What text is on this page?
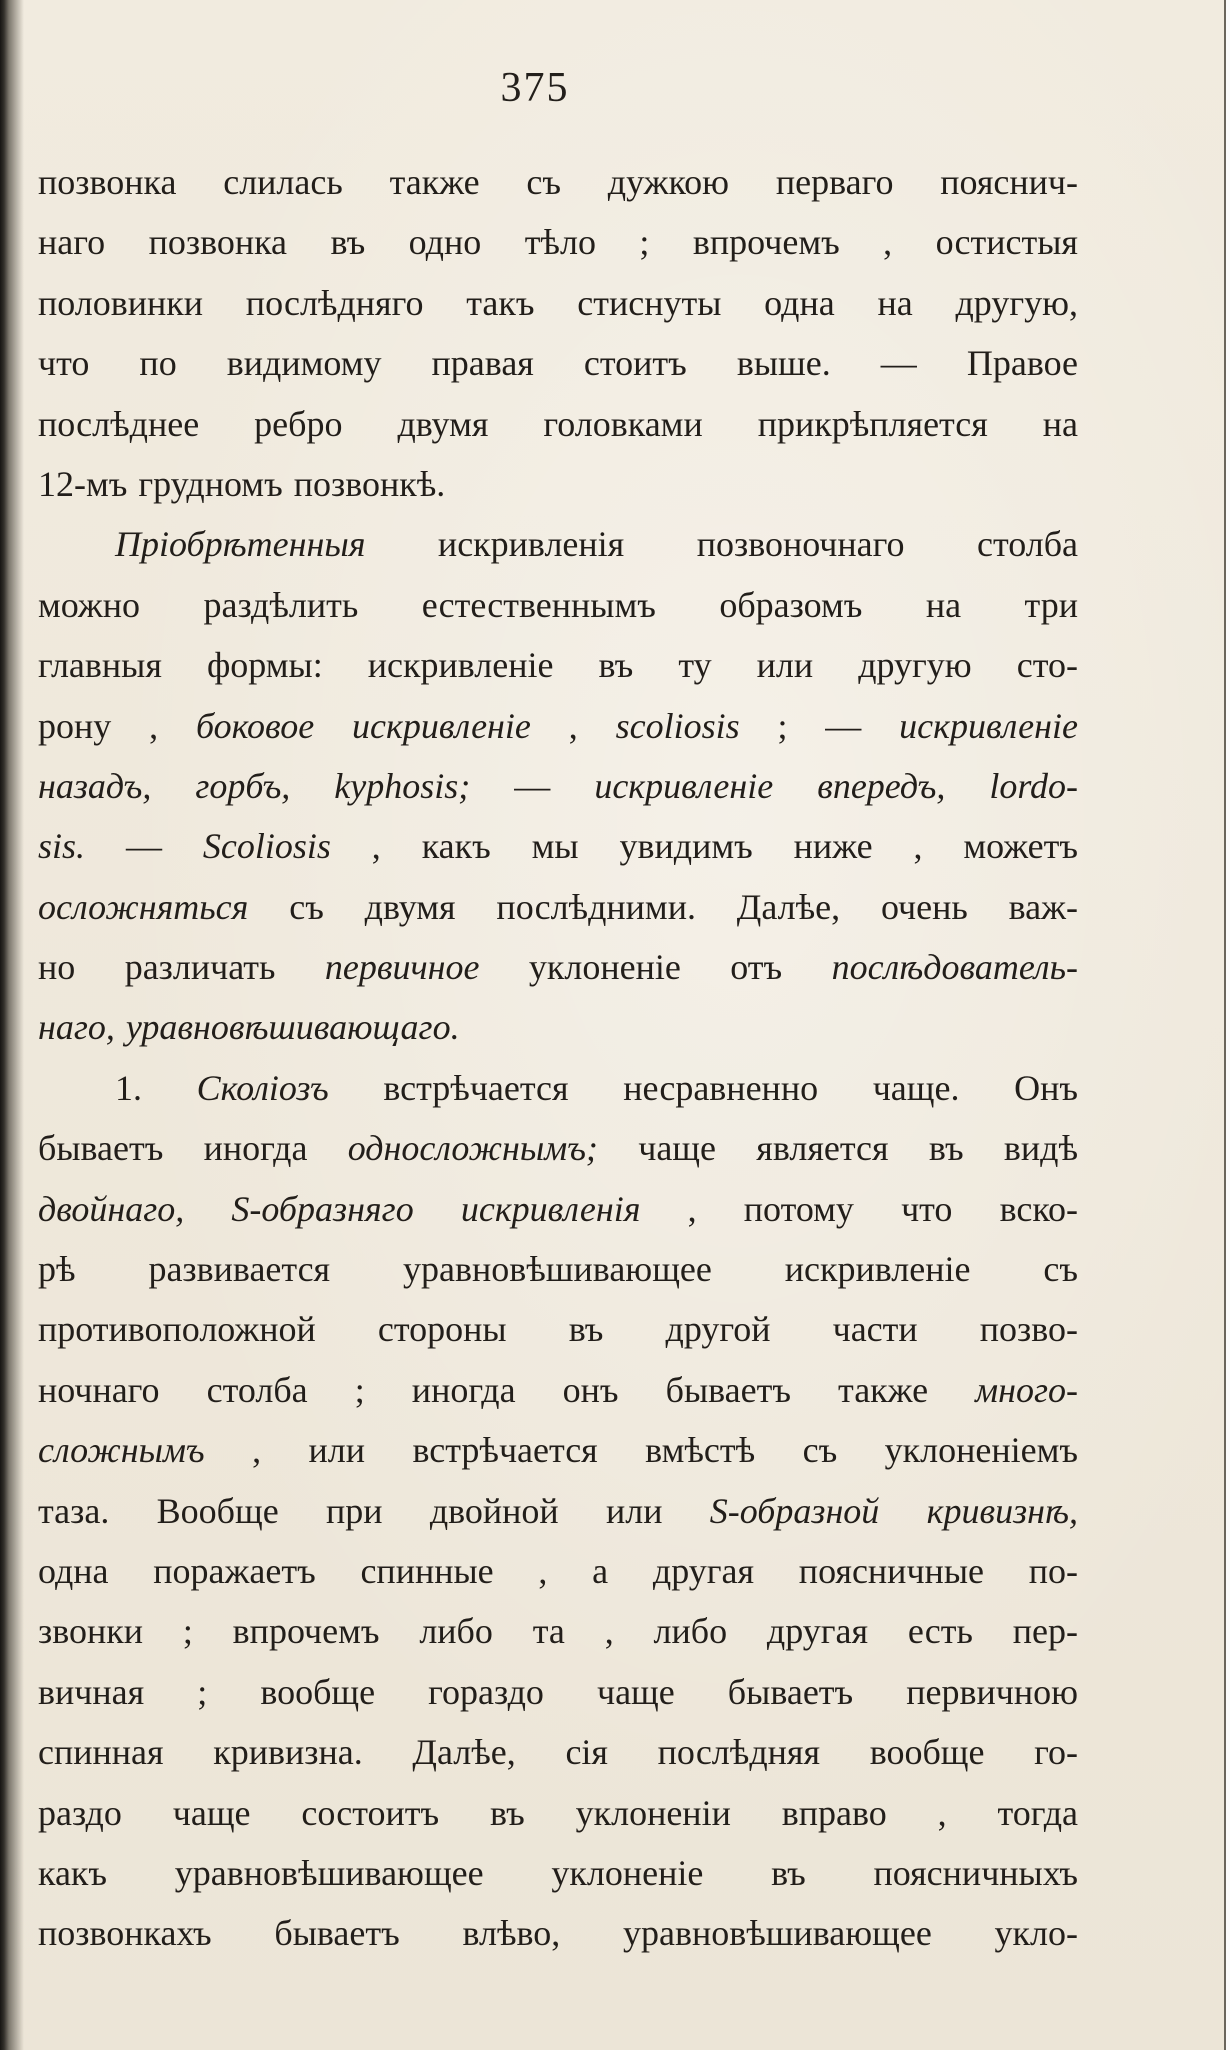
375
позвонка слилась также съ дужкою перваго пояснич-
наго позвонка въ одно тѣло ; впрочемъ , остистыя
половинки послѣдняго такъ стиснуты одна на другую,
что по видимому правая стоитъ выше. — Правое
послѣднее ребро двумя головками прикрѣпляется на
12-мъ грудномъ позвонкѣ.
Пріобрѣтенныя искривленія позвоночнаго столба
можно раздѣлить естественнымъ образомъ на три
главныя формы: искривленіе въ ту или другую сто-
рону , боковое искривленіе , scoliosis ; — искривленіе
назадъ, горбъ, kyphosis; — искривленіе впередъ, lordo-
sis. — Scoliosis , какъ мы увидимъ ниже , можетъ
осложняться съ двумя послѣдними. Далѣе, очень важ-
но различать первичное уклоненіе отъ послѣдователь-
наго, уравновѣшивающаго.
1. Сколіозъ встрѣчается несравненно чаще. Онъ
бываетъ иногда односложнымъ; чаще является въ видѣ
двойнаго, S-образняго искривленія , потому что вско-
рѣ развивается уравновѣшивающее искривленіе съ
противоположной стороны въ другой части позво-
ночнаго столба ; иногда онъ бываетъ также много-
сложнымъ , или встрѣчается вмѣстѣ съ уклоненіемъ
таза. Вообще при двойной или S-образной кривизнѣ,
одна поражаетъ спинные , а другая поясничные по-
звонки ; впрочемъ либо та , либо другая есть пер-
вичная ; вообще гораздо чаще бываетъ первичною
спинная кривизна. Далѣе, сія послѣдняя вообще го-
раздо чаще состоитъ въ уклоненіи вправо , тогда
какъ уравновѣшивающее уклоненіе въ поясничныхъ
позвонкахъ бываетъ влѣво, уравновѣшивающее укло-
